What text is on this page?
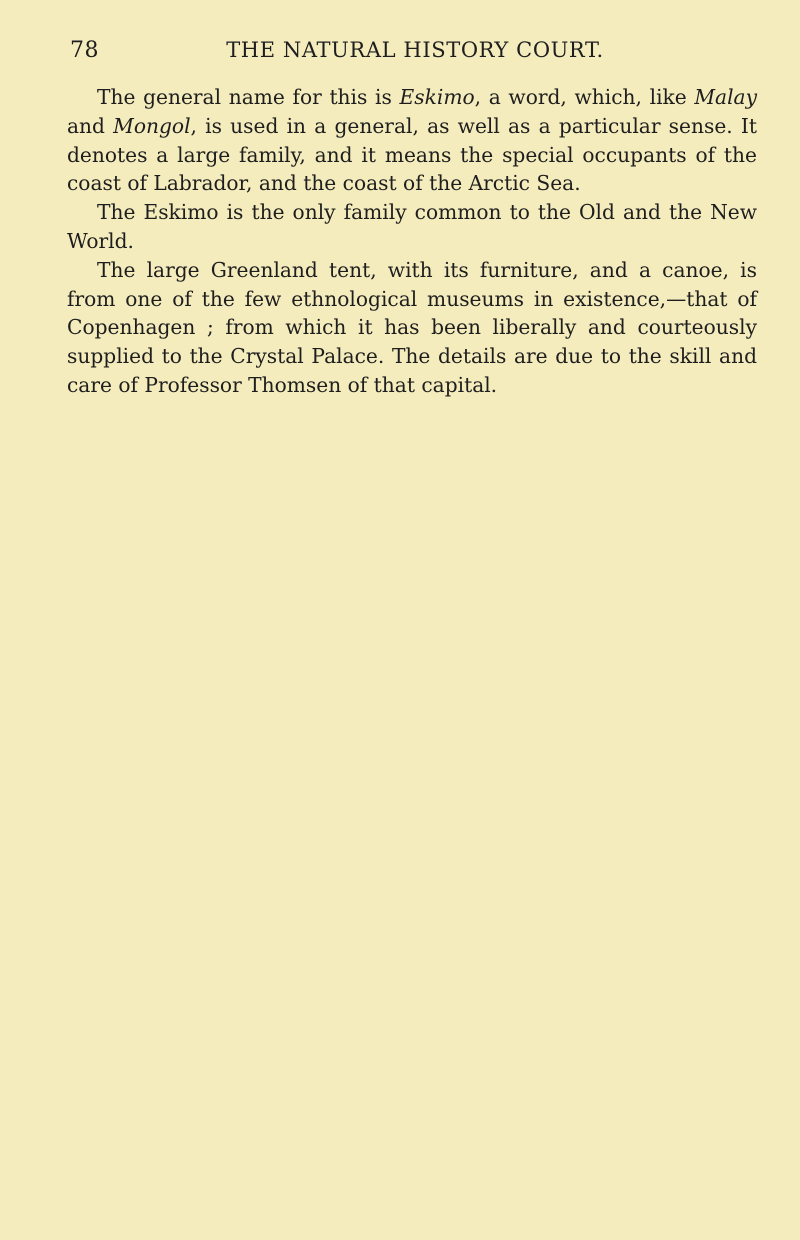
78	THE NATURAL HISTORY COURT.

The general name for this is Eskimo, a word, which, like Malay and Mongol, is used in a general, as well as a particular sense. It denotes a large family, and it means the special occupants of the coast of Labrador, and the coast of the Arctic Sea.

The Eskimo is the only family common to the Old and the New World.

The large Greenland tent, with its furniture, and a canoe, is from one of the few ethnological museums in existence,—that of Copenhagen ; from which it has been liberally and courteously supplied to the Crystal Palace. The details are due to the skill and care of Professor Thomsen of that capital.
